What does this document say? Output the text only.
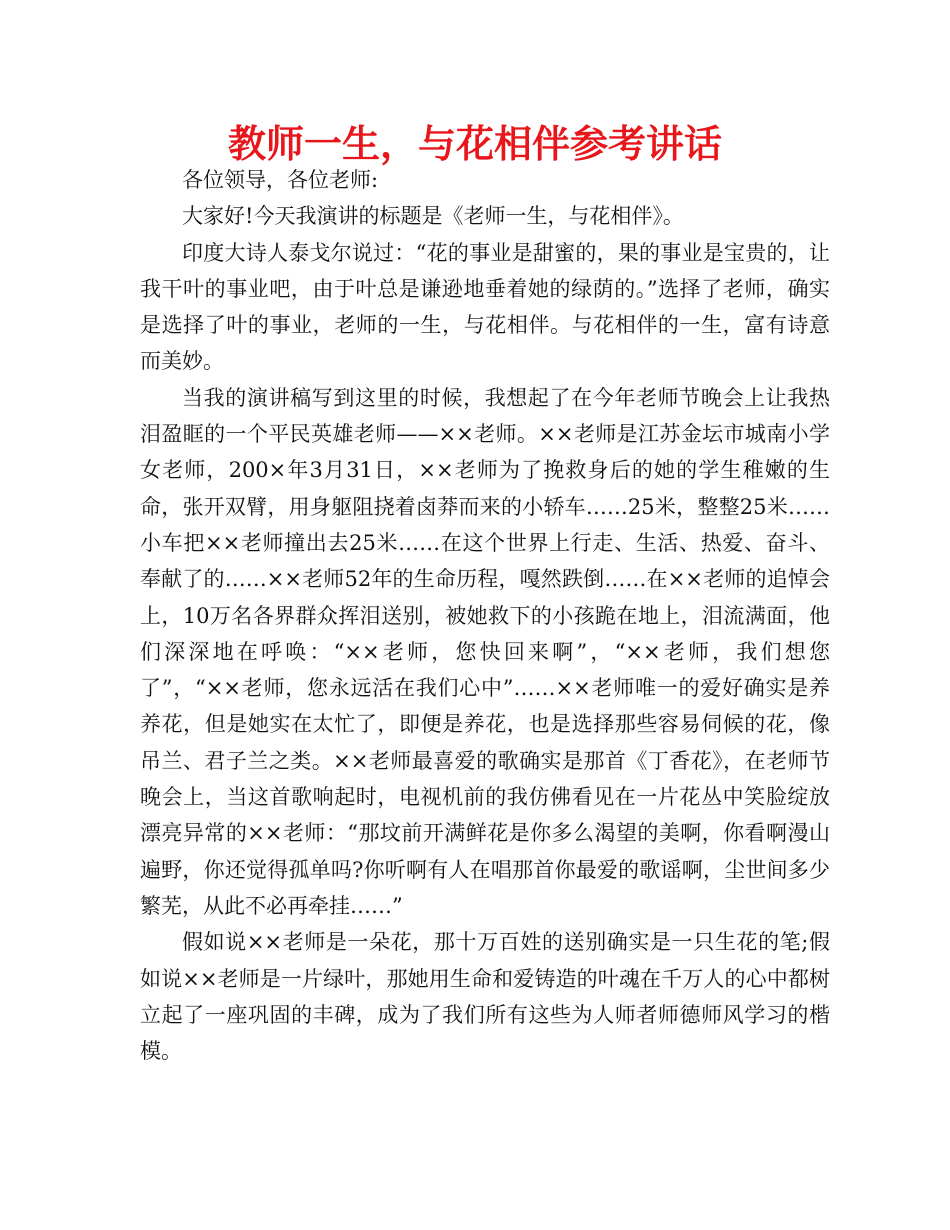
教师一生，与花相伴参考讲话

各位领导，各位老师:

大家好!今天我演讲的标题是《老师一生，与花相伴》。

印度大诗人泰戈尔说过：“花的事业是甜蜜的，果的事业是宝贵的，让我干叶的事业吧，由于叶总是谦逊地垂着她的绿荫的。”选择了老师，确实是选择了叶的事业，老师的一生，与花相伴。与花相伴的一生，富有诗意而美妙。

当我的演讲稿写到这里的时候，我想起了在今年老师节晚会上让我热泪盈眶的一个平民英雄老师——××老师。××老师是江苏金坛市城南小学女老师，200×年3月31日，××老师为了挽救身后的她的学生稚嫩的生命，张开双臂，用身躯阻挠着卤莽而来的小轿车……25米，整整25米……小车把××老师撞出去25米……在这个世界上行走、生活、热爱、奋斗、奉献了的……××老师52年的生命历程，嘎然跌倒……在××老师的追悼会上，10万名各界群众挥泪送别，被她救下的小孩跪在地上，泪流满面，他们深深地在呼唤：“××老师，您快回来啊”，“××老师，我们想您了”，“××老师，您永远活在我们心中”……××老师唯一的爱好确实是养养花，但是她实在太忙了，即便是养花，也是选择那些容易伺候的花，像吊兰、君子兰之类。××老师最喜爱的歌确实是那首《丁香花》，在老师节晚会上，当这首歌响起时，电视机前的我仿佛看见在一片花丛中笑脸绽放漂亮异常的××老师：“那坟前开满鲜花是你多么渴望的美啊，你看啊漫山遍野，你还觉得孤单吗?你听啊有人在唱那首你最爱的歌谣啊，尘世间多少繁芜，从此不必再牵挂……”

假如说××老师是一朵花，那十万百姓的送别确实是一只生花的笔;假如说××老师是一片绿叶，那她用生命和爱铸造的叶魂在千万人的心中都树立起了一座巩固的丰碑，成为了我们所有这些为人师者师德师风学习的楷模。
